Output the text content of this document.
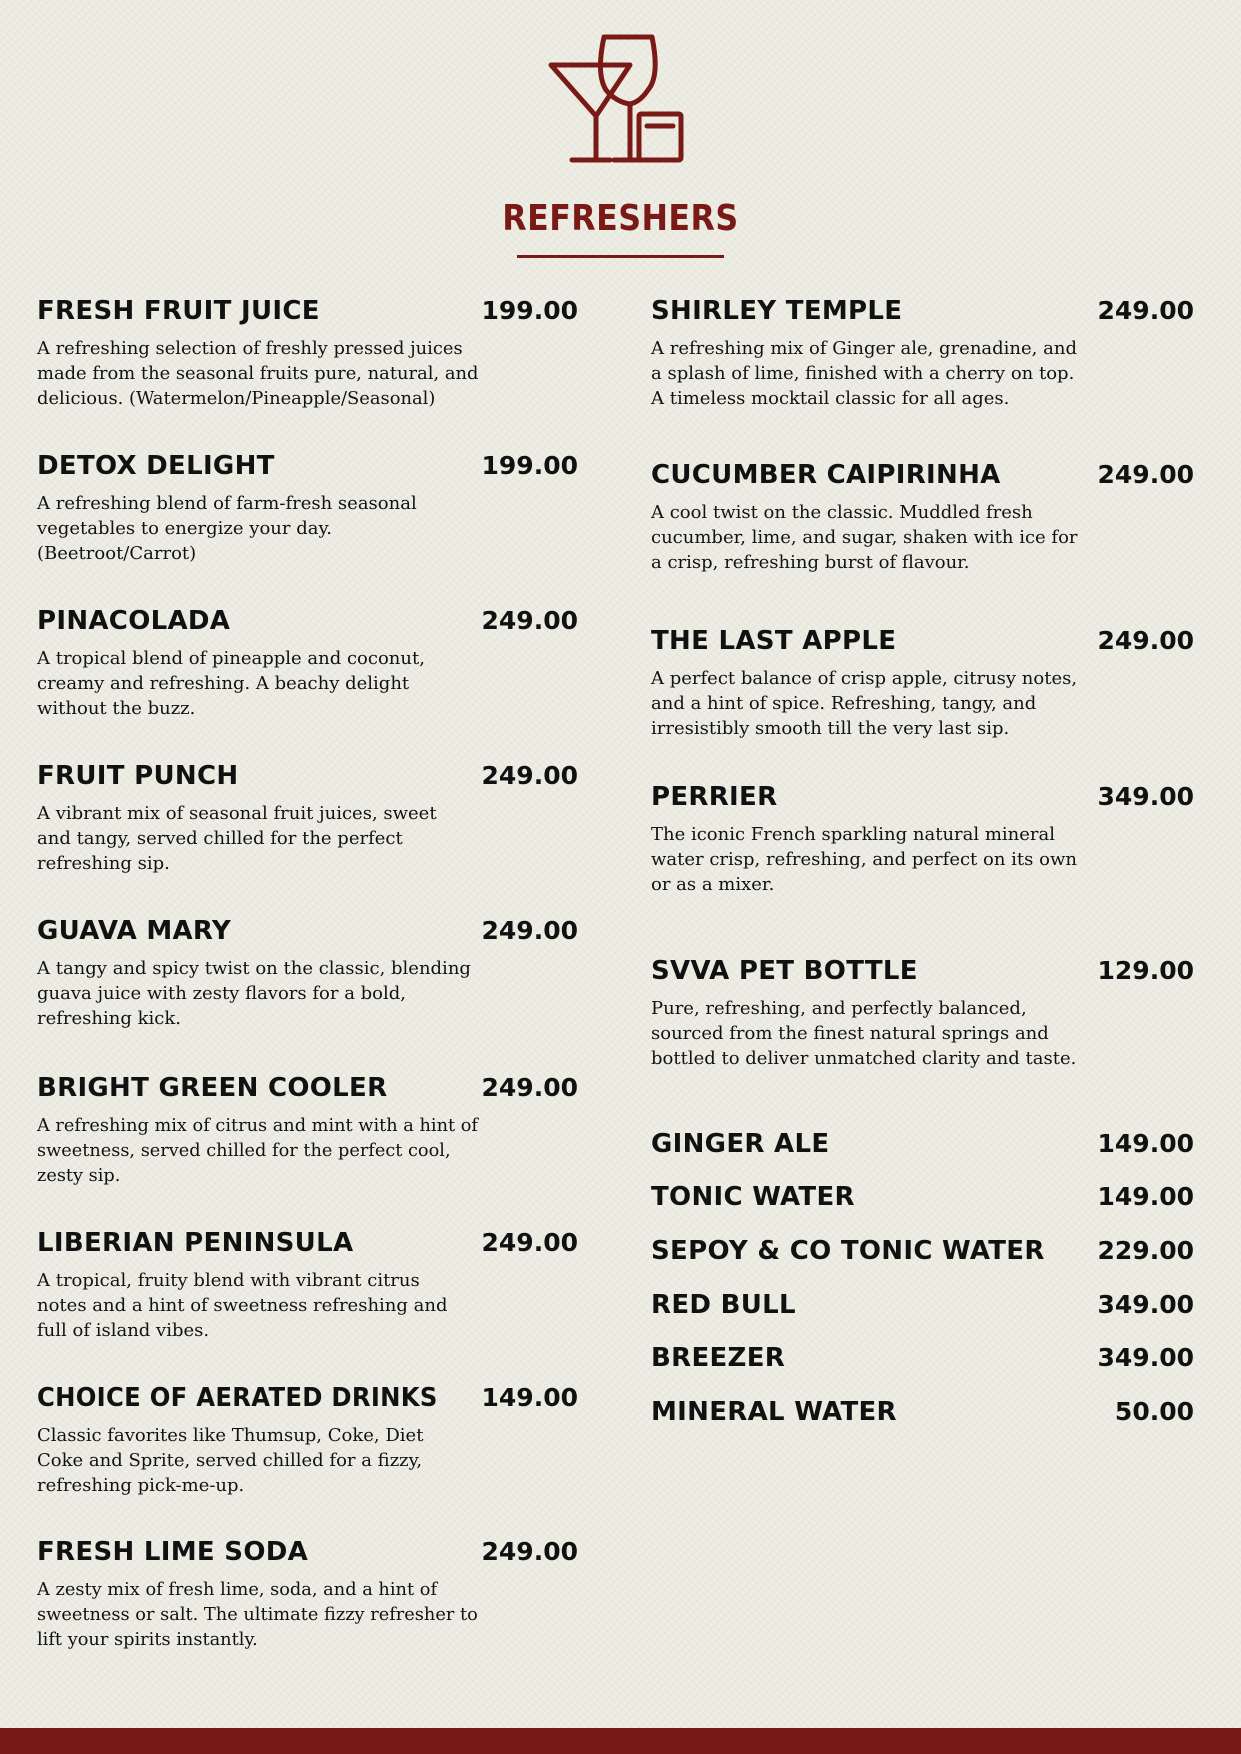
REFRESHERS
FRESH FRUIT JUICE	199.00
A refreshing selection of freshly pressed juices
made from the seasonal fruits pure, natural, and
delicious. (Watermelon/Pineapple/Seasonal)
DETOX DELIGHT	199.00
A refreshing blend of farm-fresh seasonal
vegetables to energize your day.
(Beetroot/Carrot)
PINACOLADA	249.00
A tropical blend of pineapple and coconut,
creamy and refreshing. A beachy delight
without the buzz.
FRUIT PUNCH	249.00
A vibrant mix of seasonal fruit juices, sweet
and tangy, served chilled for the perfect
refreshing sip.
GUAVA MARY	249.00
A tangy and spicy twist on the classic, blending
guava juice with zesty flavors for a bold,
refreshing kick.
BRIGHT GREEN COOLER	249.00
A refreshing mix of citrus and mint with a hint of
sweetness, served chilled for the perfect cool,
zesty sip.
LIBERIAN PENINSULA	249.00
A tropical, fruity blend with vibrant citrus
notes and a hint of sweetness refreshing and
full of island vibes.
CHOICE OF AERATED DRINKS	149.00
Classic favorites like Thumsup, Coke, Diet
Coke and Sprite, served chilled for a fizzy,
refreshing pick-me-up.
FRESH LIME SODA	249.00
A zesty mix of fresh lime, soda, and a hint of
sweetness or salt. The ultimate fizzy refresher to
lift your spirits instantly.
SHIRLEY TEMPLE	249.00
A refreshing mix of Ginger ale, grenadine, and
a splash of lime, finished with a cherry on top.
A timeless mocktail classic for all ages.
CUCUMBER CAIPIRINHA	249.00
A cool twist on the classic. Muddled fresh
cucumber, lime, and sugar, shaken with ice for
a crisp, refreshing burst of flavour.
THE LAST APPLE	249.00
A perfect balance of crisp apple, citrusy notes,
and a hint of spice. Refreshing, tangy, and
irresistibly smooth till the very last sip.
PERRIER	349.00
The iconic French sparkling natural mineral
water crisp, refreshing, and perfect on its own
or as a mixer.
SVVA PET BOTTLE	129.00
Pure, refreshing, and perfectly balanced,
sourced from the finest natural springs and
bottled to deliver unmatched clarity and taste.
GINGER ALE	149.00
TONIC WATER	149.00
SEPOY & CO TONIC WATER	229.00
RED BULL	349.00
BREEZER	349.00
MINERAL WATER	50.00
